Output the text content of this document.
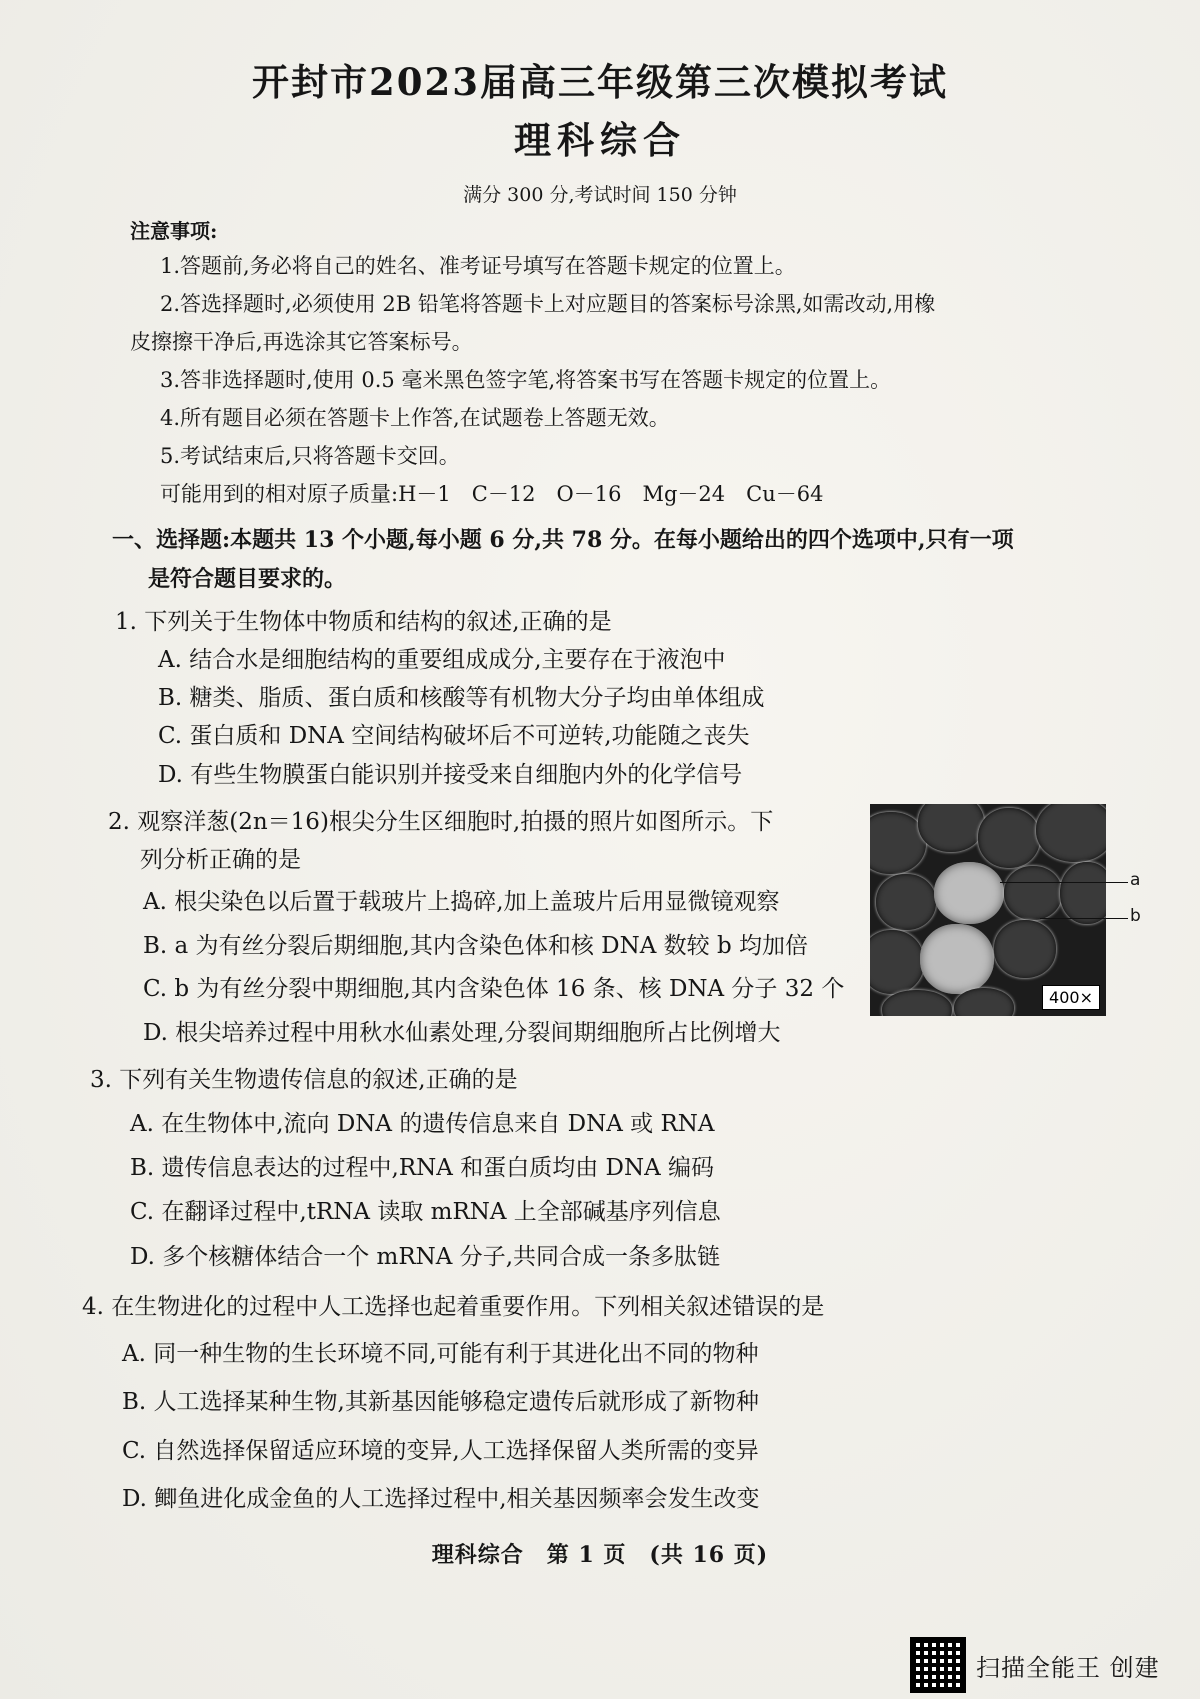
开封市2023届高三年级第三次模拟考试
理科综合
满分 300 分,考试时间 150 分钟
注意事项:
1.答题前,务必将自己的姓名、准考证号填写在答题卡规定的位置上。
2.答选择题时,必须使用 2B 铅笔将答题卡上对应题目的答案标号涂黑,如需改动,用橡
皮擦擦干净后,再选涂其它答案标号。
3.答非选择题时,使用 0.5 毫米黑色签字笔,将答案书写在答题卡规定的位置上。
4.所有题目必须在答题卡上作答,在试题卷上答题无效。
5.考试结束后,只将答题卡交回。
可能用到的相对原子质量:H－1　C－12　O－16　Mg－24　Cu－64
一、选择题:本题共 13 个小题,每小题 6 分,共 78 分。在每小题给出的四个选项中,只有一项
是符合题目要求的。
1. 下列关于生物体中物质和结构的叙述,正确的是
A. 结合水是细胞结构的重要组成成分,主要存在于液泡中
B. 糖类、脂质、蛋白质和核酸等有机物大分子均由单体组成
C. 蛋白质和 DNA 空间结构破坏后不可逆转,功能随之丧失
D. 有些生物膜蛋白能识别并接受来自细胞内外的化学信号
2. 观察洋葱(2n＝16)根尖分生区细胞时,拍摄的照片如图所示。下
列分析正确的是
A. 根尖染色以后置于载玻片上捣碎,加上盖玻片后用显微镜观察
B. a 为有丝分裂后期细胞,其内含染色体和核 DNA 数较 b 均加倍
C. b 为有丝分裂中期细胞,其内含染色体 16 条、核 DNA 分子 32 个
D. 根尖培养过程中用秋水仙素处理,分裂间期细胞所占比例增大
400×
a
b
3. 下列有关生物遗传信息的叙述,正确的是
A. 在生物体中,流向 DNA 的遗传信息来自 DNA 或 RNA
B. 遗传信息表达的过程中,RNA 和蛋白质均由 DNA 编码
C. 在翻译过程中,tRNA 读取 mRNA 上全部碱基序列信息
D. 多个核糖体结合一个 mRNA 分子,共同合成一条多肽链
4. 在生物进化的过程中人工选择也起着重要作用。下列相关叙述错误的是
A. 同一种生物的生长环境不同,可能有利于其进化出不同的物种
B. 人工选择某种生物,其新基因能够稳定遗传后就形成了新物种
C. 自然选择保留适应环境的变异,人工选择保留人类所需的变异
D. 鲫鱼进化成金鱼的人工选择过程中,相关基因频率会发生改变
理科综合　第 1 页　(共 16 页)
扫描全能王 创建
